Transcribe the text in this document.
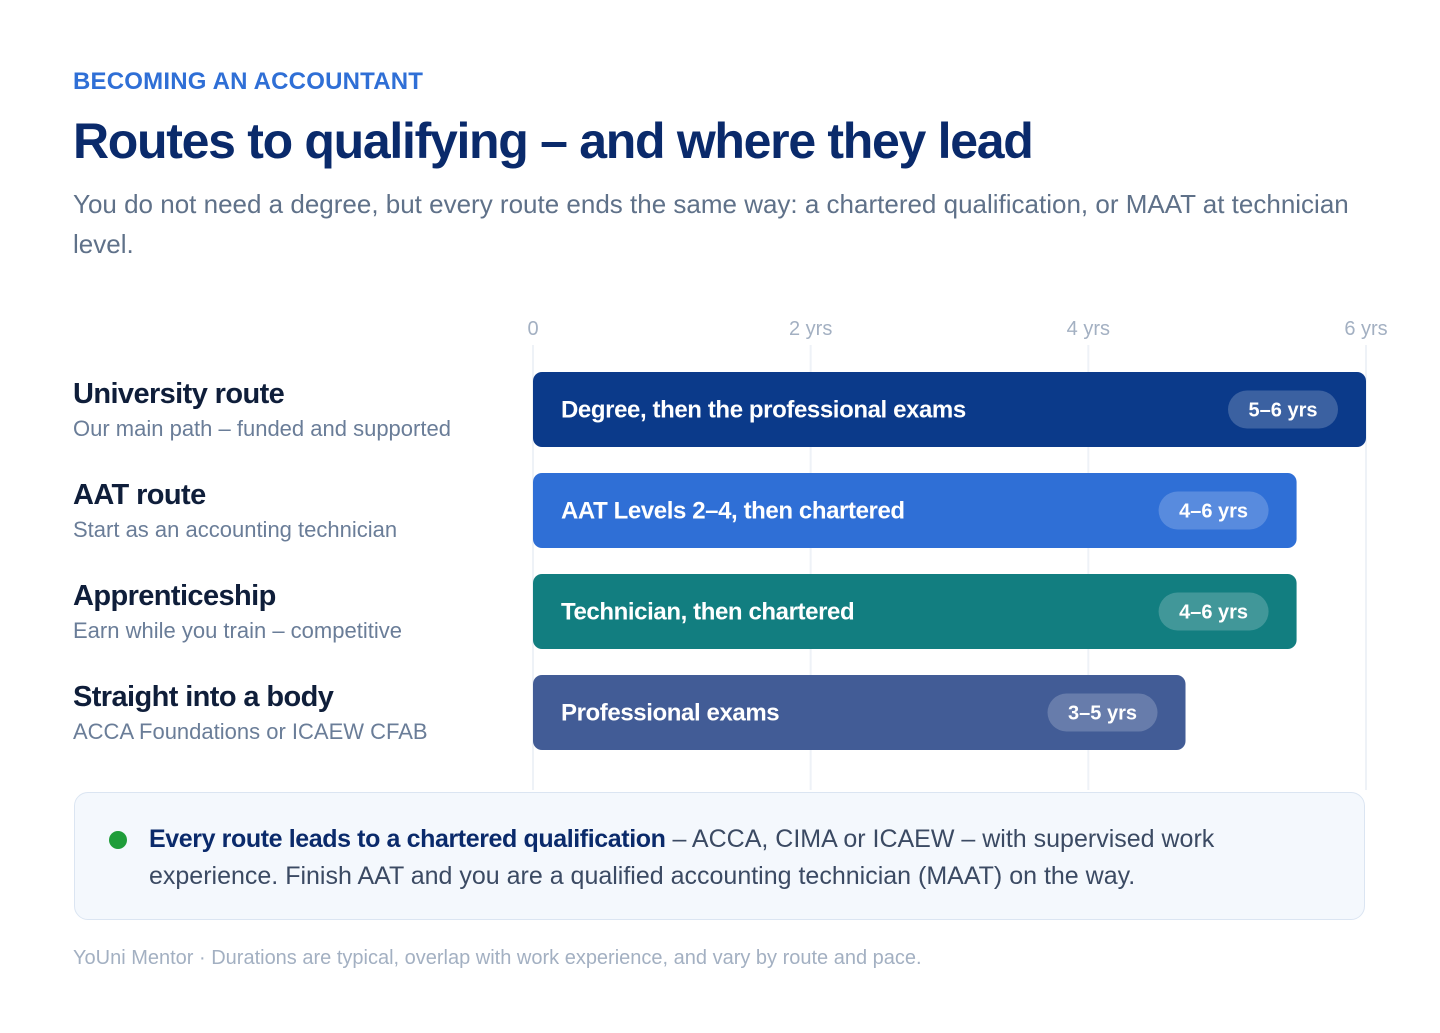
BECOMING AN ACCOUNTANT
Routes to qualifying – and where they lead

You do not need a degree, but every route ends the same way: a chartered qualification, or MAAT at technician level.

University route
Our main path – funded and supported
AAT route
Start as an accounting technician
Apprenticeship
Earn while you train – competitive
Straight into a body
ACCA Foundations or ICAEW CFAB
0	2 yrs	4 yrs	6 yrs
Degree, then the professional exams	5–6 yrs
AAT Levels 2–4, then chartered	4–6 yrs
Technician, then chartered	4–6 yrs
Professional exams	3–5 yrs

Every route leads to a chartered qualification – ACCA, CIMA or ICAEW – with supervised work experience. Finish AAT and you are a qualified accounting technician (MAAT) on the way.

YoUni Mentor · Durations are typical, overlap with work experience, and vary by route and pace.
